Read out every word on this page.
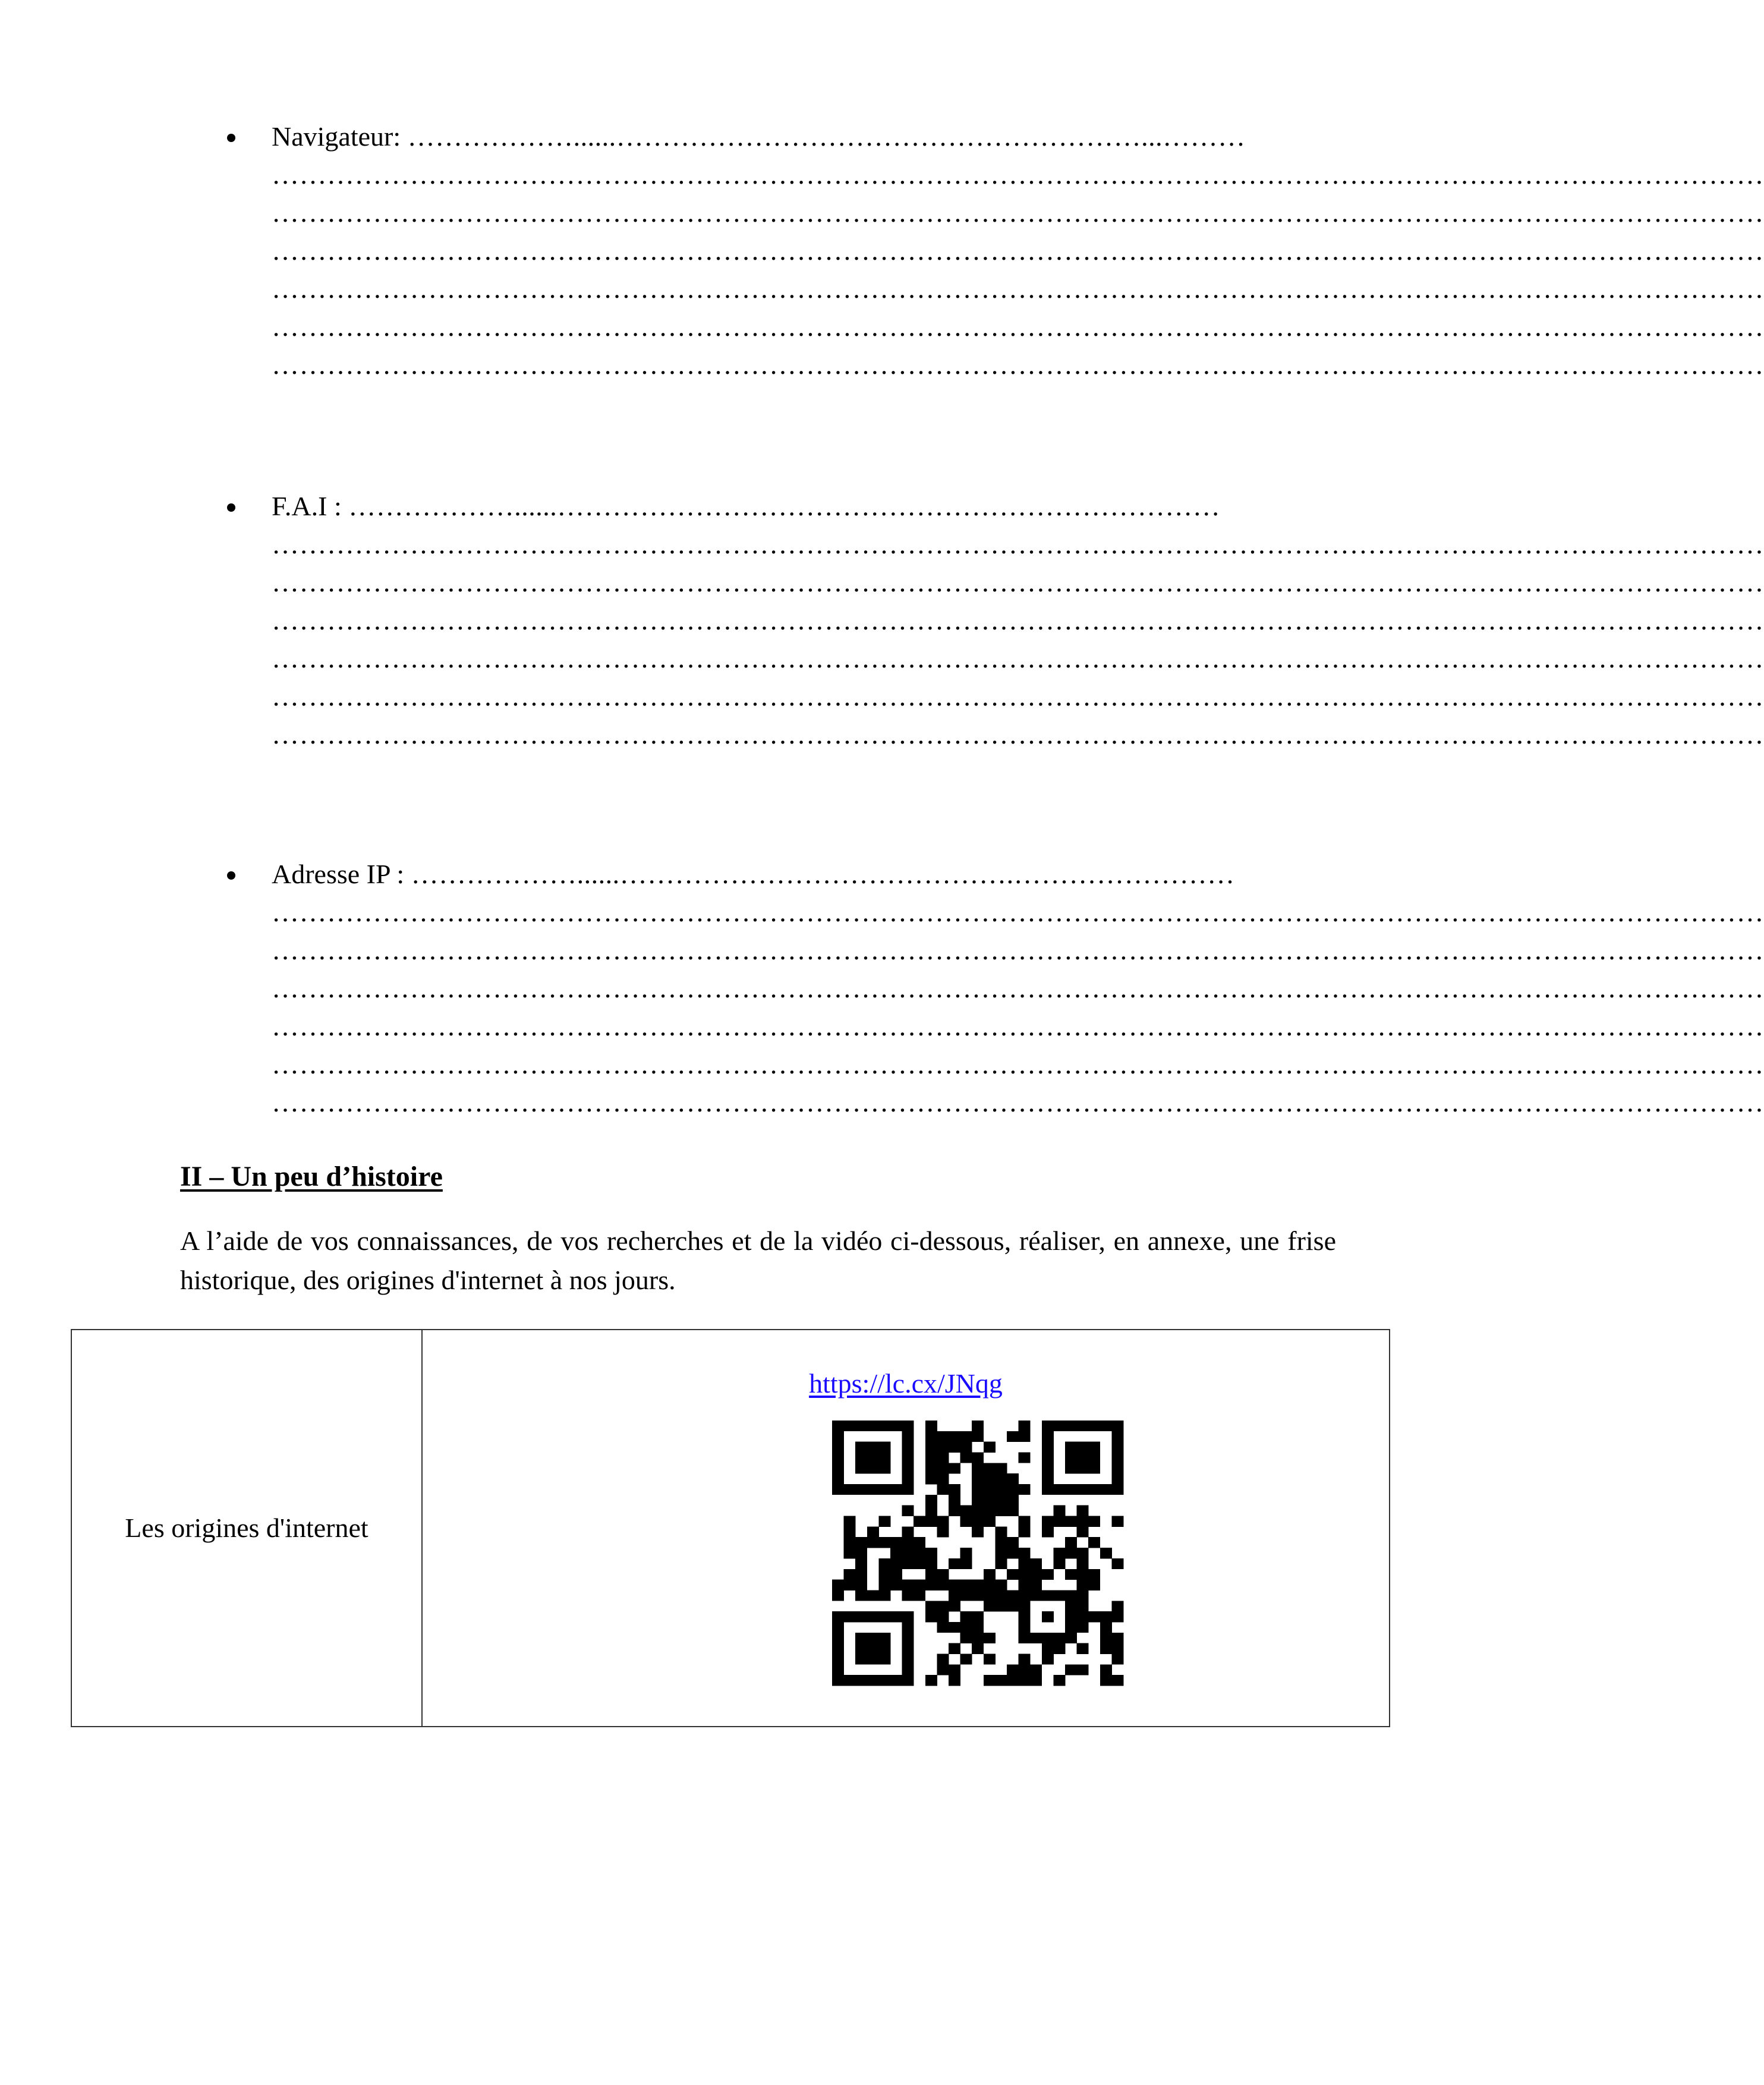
Navigateur: ………………......…………………………………………………...………
………………………………………………………………………………………………………………………………………………
………………………………………………………………………………………………………………………………………………
………………………………………………………………………………………………………………………………………………
………………………………………………………………………………………………………………………………………………
………………………………………………………………………………………………………………………………………………
………………………………………………………………………………………………………………………………………………
F.A.I : ………………......………………………………………………………………
………………………………………………………………………………………………………………………………………………
………………………………………………………………………………………………………………………………………………
………………………………………………………………………………………………………………………………………………
………………………………………………………………………………………………………………………………………………
………………………………………………………………………………………………………………………………………………
………………………………………………………………………………………………………………………………………………
Adresse IP : ………………......…………………………………….……………………
………………………………………………………………………………………………………………………………………………
………………………………………………………………………………………………………………………………………………
………………………………………………………………………………………………………………………………………………
………………………………………………………………………………………………………………………………………………
………………………………………………………………………………………………………………………………………………
………………………………………………………………………………………………………………………………………………
II – Un peu d’histoire
A l’aide de vos connaissances, de vos recherches et de la vidéo ci-dessous, réaliser, en annexe, une frise historique, des origines d'internet à nos jours.
Les origines d'internet
https://lc.cx/JNqg
